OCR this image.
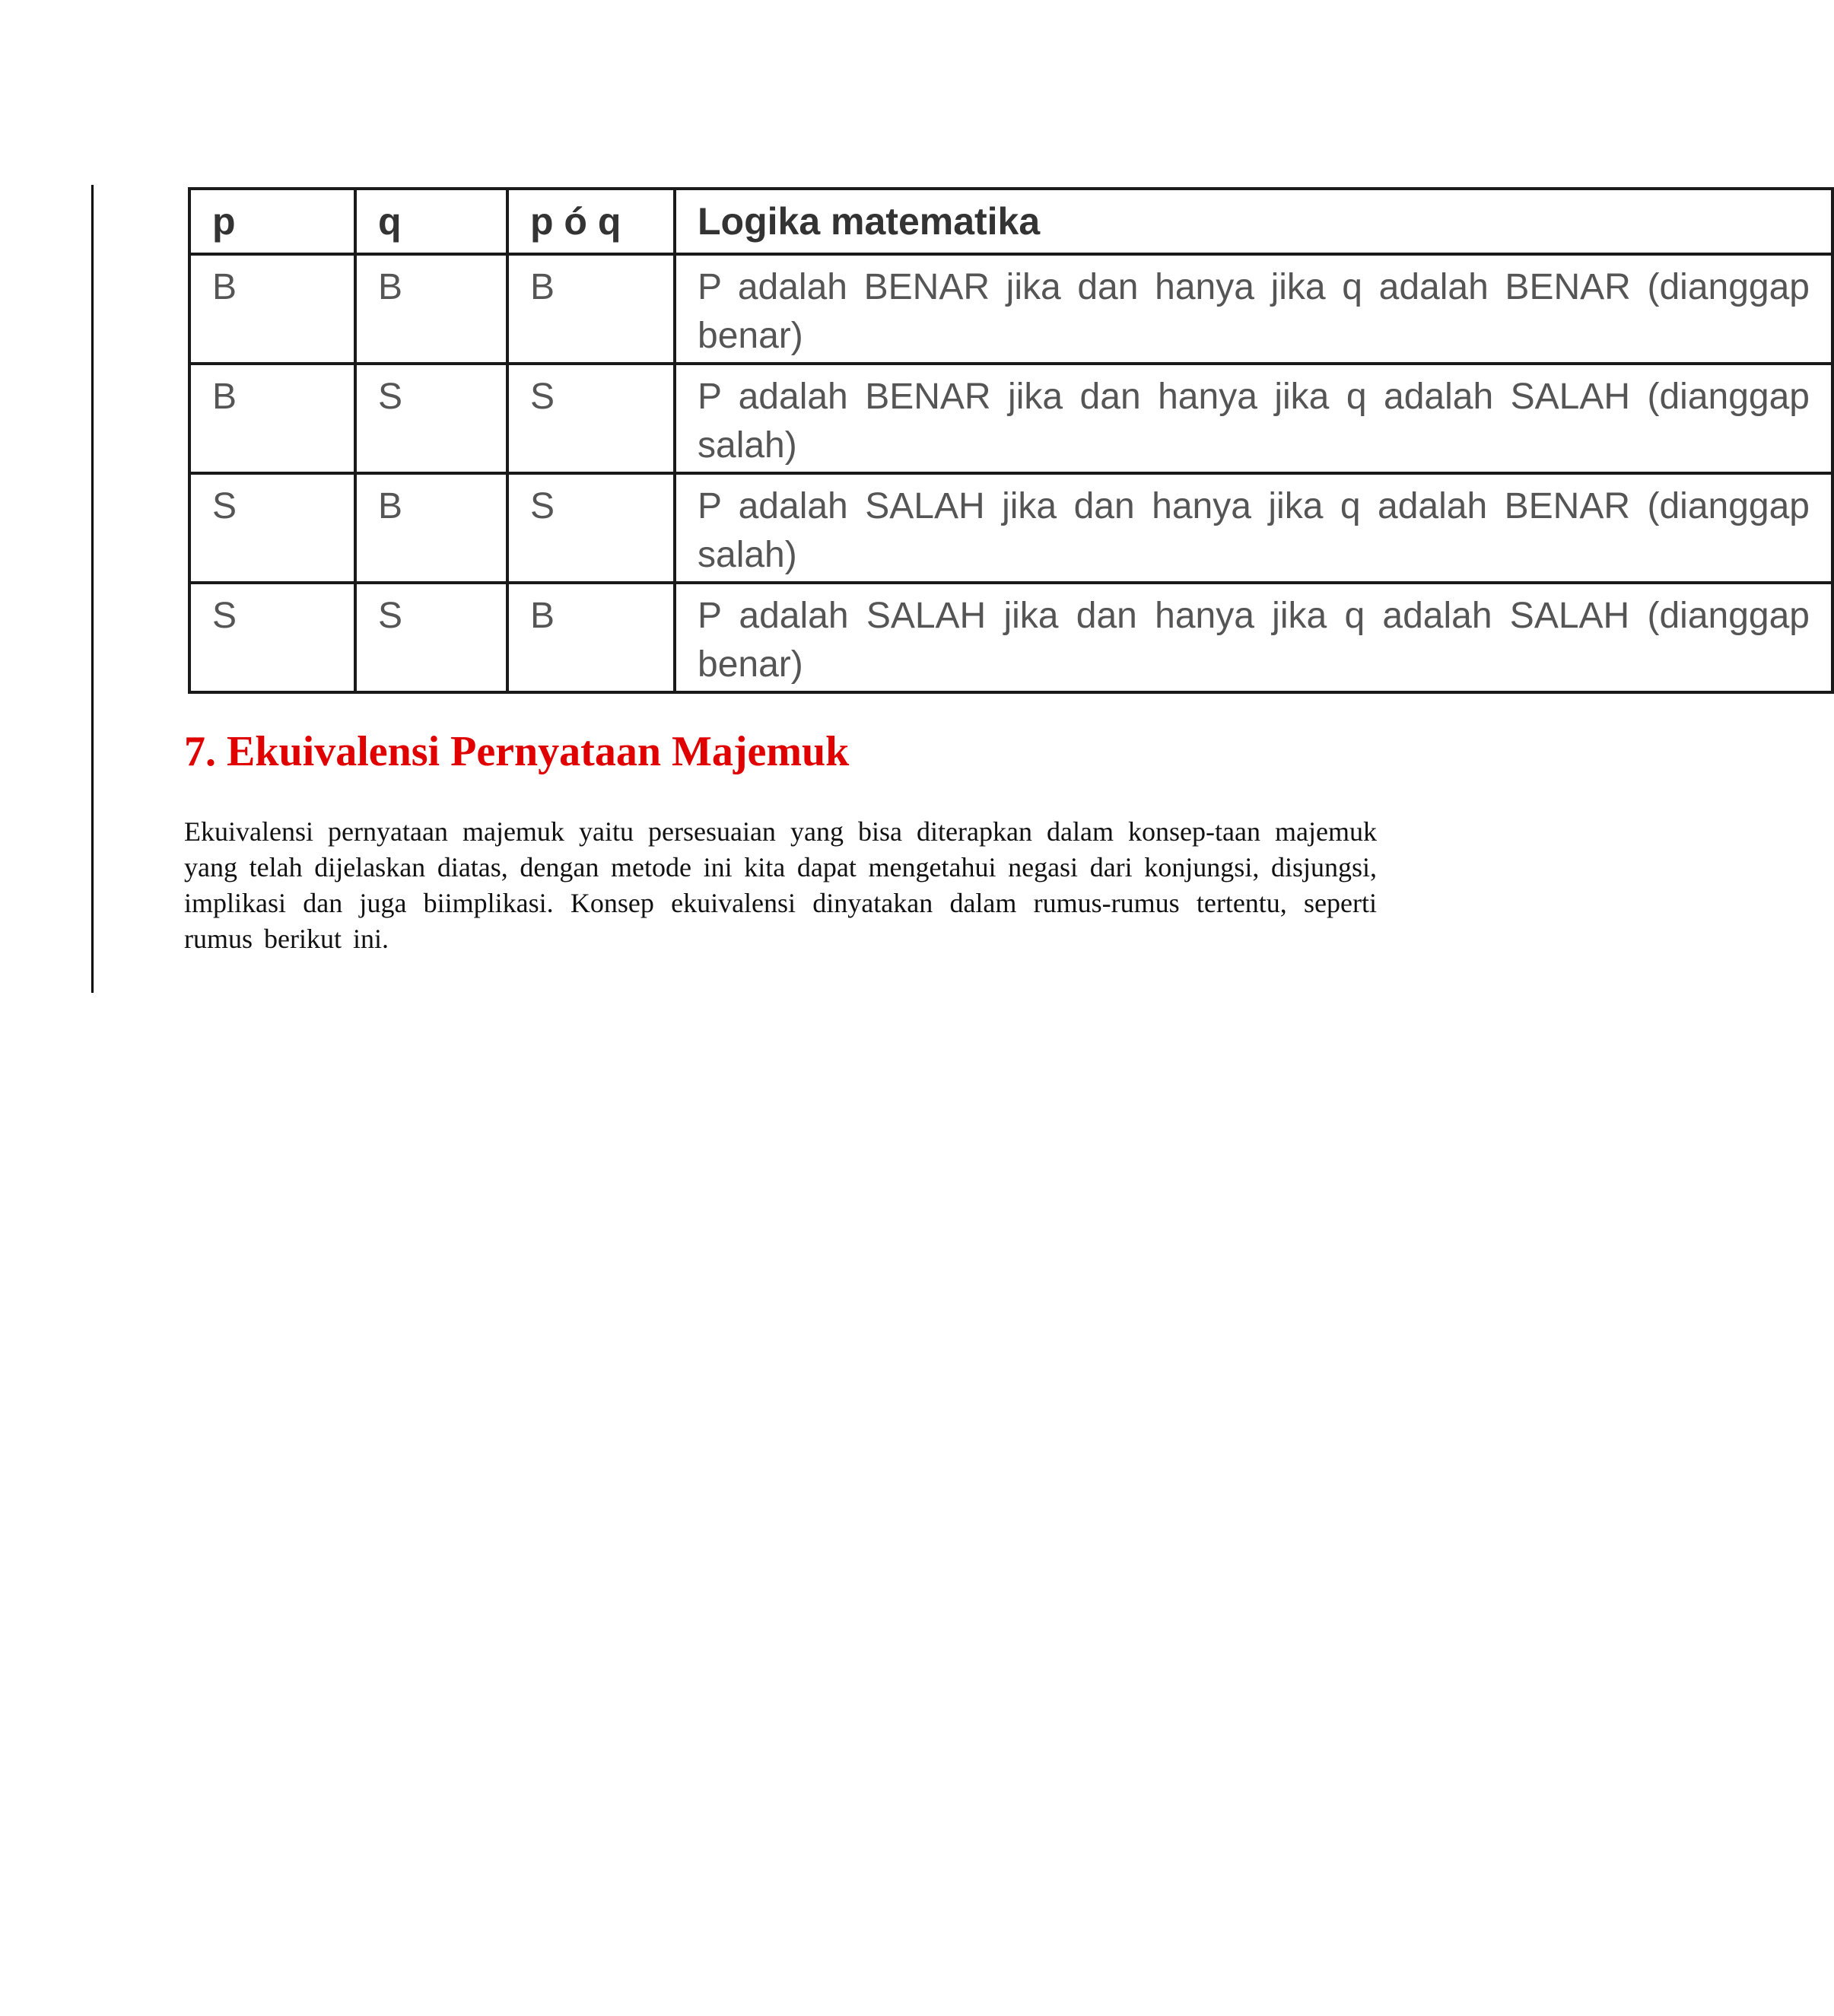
p	q	p ó q	Logika matematika
B	B	B	P adalah BENAR jika dan hanya jika q adalah BENAR (dianggap benar)
B	S	S	P adalah BENAR jika dan hanya jika q adalah SALAH (dianggap salah)
S	B	S	P adalah SALAH jika dan hanya jika q adalah BENAR (dianggap salah)
S	S	B	P adalah SALAH jika dan hanya jika q adalah SALAH (dianggap benar)
7. Ekuivalensi Pernyataan Majemuk

Ekuivalensi pernyataan majemuk yaitu persesuaian yang bisa diterapkan dalam konsep-taan majemuk yang telah dijelaskan diatas, dengan metode ini kita dapat mengetahui negasi dari konjungsi, disjungsi, implikasi dan juga biimplikasi. Konsep ekuivalensi dinyatakan dalam rumus-rumus tertentu, seperti rumus berikut ini.
